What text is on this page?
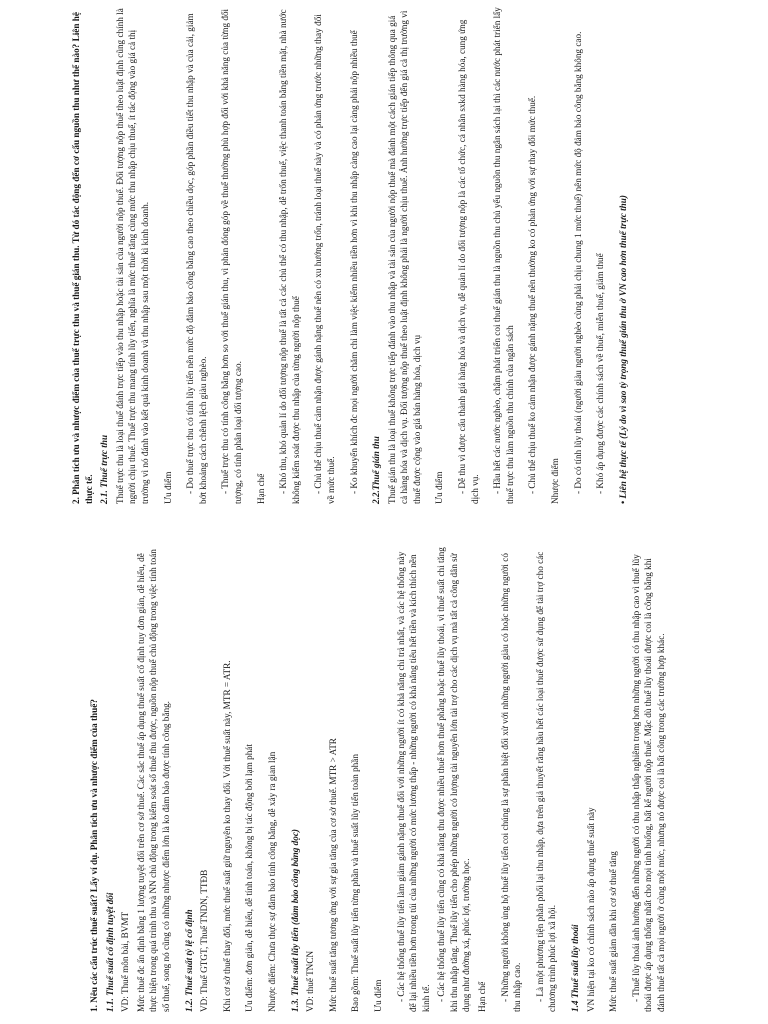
1. Nêu các cấu trúc thuế suất? Lấy ví dụ. Phân tích ưu và nhược điểm của thuế? 1.1. Thuế suất cố định tuyệt đối VD: Thuế môn bài, BVMT Mức thuế đc ấn định bằng 1 lượng tuyệt đối trên cơ sở thuế. Các sắc thuế áp dụng thuế suất cố định tuy đơn giản, dễ hiểu, dễ thực hiện trong quá trình thu và NN chủ động trong kiểm soát số thuế thu được, nguồn nộp thuế chủ động trong việc tính toán số thuế, song nó cũng có những nhược điểm lớn là ko đảm bảo được tính công bằng. 1.2. Thuế suất tỷ lệ cố định VD: Thuế GTGT, Thuế TNDN, TTĐB Khi cơ sở thuế thay đổi, mức thuế suất giữ nguyên ko thay đổi. Với thuế suất này, MTR = ATR. Ưu điểm: đơn giản, dễ hiểu, dễ tính toán, không bị tác động bởi lạm phát Nhược điểm: Chưa thực sự đảm bảo tính công bằng, dễ xảy ra gian lận 1.3. Thuế suất lũy tiến (đảm bảo công bằng dọc) VD: thuế TNCN Mức thuế suất tăng tương ứng với sự gia tăng của cơ sở thuế. MTR > ATR Bao gồm: Thuế suất lũy tiến từng phần và thuế suất lũy tiến toàn phần Ưu điểm - Các hệ thống thuế lũy tiến làm giảm gánh nặng thuế đối với những người ít có khả năng chi trả nhất, và các hệ thống này để lại nhiều tiền hơn trong túi của những người có mức lương thấp - những người có khả năng tiêu hết tiền và kích thích nền kinh tế. - Các hệ thống thuế lũy tiến cũng có khả năng thu được nhiều thuế hơn thuế phẳng hoặc thuế lũy thoái, vì thuế suất chi tăng khi thu nhập tăng. Thuế lũy tiến cho phép những người có lượng tài nguyên lớn tài trợ cho các dịch vụ mà tất cả công dân sử dụng như đường xá, phúc lợi, trường học. Hạn chế - Những người không ủng hộ thuế lũy tiến coi chúng là sự phân biệt đối xử với những người giàu có hoặc những người có thu nhập cao. - Là một phương tiện phân phối lại thu nhập, dựa trên giả thuyết rằng hầu hết các loại thuế được sử dụng để tài trợ cho các chương trình phúc lợi xã hội. 1.4 Thuế suất lũy thoái VN hiện tại ko có chính sách nào áp dụng thuế suất này Mức thuế suất giảm dần khi cơ sở thuế tăng - Thuế lũy thoái ảnh hưởng đến những người có thu nhập thấp nghiêm trọng hơn những người có thu nhập cao vì thuế lũy thoái được áp dụng thống nhất cho mọi tình huống, bất kể người nộp thuế. Mặc dù thuế lũy thoái được coi là công bằng khi đánh thuế tất cả mọi người ở cùng một mức, nhưng nó được coi là bất công trong các trường hợp khác.

2. Phân tích ưu và nhược điểm của thuế trực thu và thuế gián thu. Từ đó tác động đến cơ cấu nguồn thu như thế nào? Liên hệ thực tế. 2.1. Thuế trực thu Thuế trực thu là loại thuế đánh trực tiếp vào thu nhập hoặc tài sản của người nộp thuế. Đối tượng nộp thuế theo luật định cũng chính là người chịu thuế. Thuế trực thu mang tính lũy tiến, nghĩa là mức thuế tăng cùng mức thu nhập chịu thuế, ít tác động vào giá cả thị trường vì nó đánh vào kết quả kinh doanh và thu nhập sau một thời kì kinh doanh. Ưu điểm - Do thuế trực thu có tính lũy tiến nên mức độ đảm bảo công bằng cao theo chiều dọc, góp phần điều tiết thu nhập và của cải, giảm bớt khoảng cách chênh lệch giàu nghèo. - Thuế trực thu có tính công bằng hơn so với thuế gián thu, vì phản đóng góp về thuế thường phù hợp đối với khả năng của từng đối tượng, có tính phân loại đối tượng cao. Hạn chế - Khó thu, khó quản lí do đối tượng nộp thuế là tất cả các chủ thể có thu nhập, dễ trốn thuế, việc thanh toán bằng tiền mặt, nhà nước không kiểm soát được thu nhập của từng người nộp thuế - Chủ thể chịu thuế cảm nhận được gánh nặng thuế nên có xu hướng trốn, tránh loại thuế này và có phản ứng trước những thay đổi về mức thuế. - Ko khuyến khích đc mọi người chăm chỉ làm việc kiếm nhiều tiền hơn vì khi thu nhập càng cao lại càng phải nộp nhiều thuế 2.2.Thuế gián thu Thuế gián thu là loại thuế không trực tiếp đánh vào thu nhập và tài sản của người nộp thuế mà đánh một cách gián tiếp thông qua giá cả hàng hóa và dịch vụ. Đối tượng nộp thuế theo luật định không phải là người chịu thuế. Ảnh hưởng trực tiếp đến giá cả thị trường vì thuế được cộng vào giá bán hàng hóa, dịch vụ Ưu điểm - Dễ thu vì được cấu thành giá hàng hóa và dịch vụ, dễ quản lí do đối tượng nộp là các tổ chức, cá nhân sxkd hàng hóa, cung ứng dịch vụ. - Hầu hết các nước nghèo, chậm phát triển coi thuế gián thu là nguồn thu chủ yếu nguồn thu ngân sách lại thì các nước phát triển lấy thuế trực thu làm nguồn thu chính của ngân sách - Chủ thể chịu thuế ko cảm nhận được gánh nặng thuế nên thường ko có phản ứng với sự thay đổi mức thuế. Nhược điểm - Do có tính lũy thoái (người giàu người nghèo cùng phải chịu chung 1 mức thuế) nên mức độ đảm bảo công bằng không cao. - Khó áp dụng được các chính sách về thuế, miễn thuế, giảm thuế • Liên hệ thực tế (Lý do vì sao tỷ trọng thuế gián thu ở VN cao hơn thuế trực thu)
